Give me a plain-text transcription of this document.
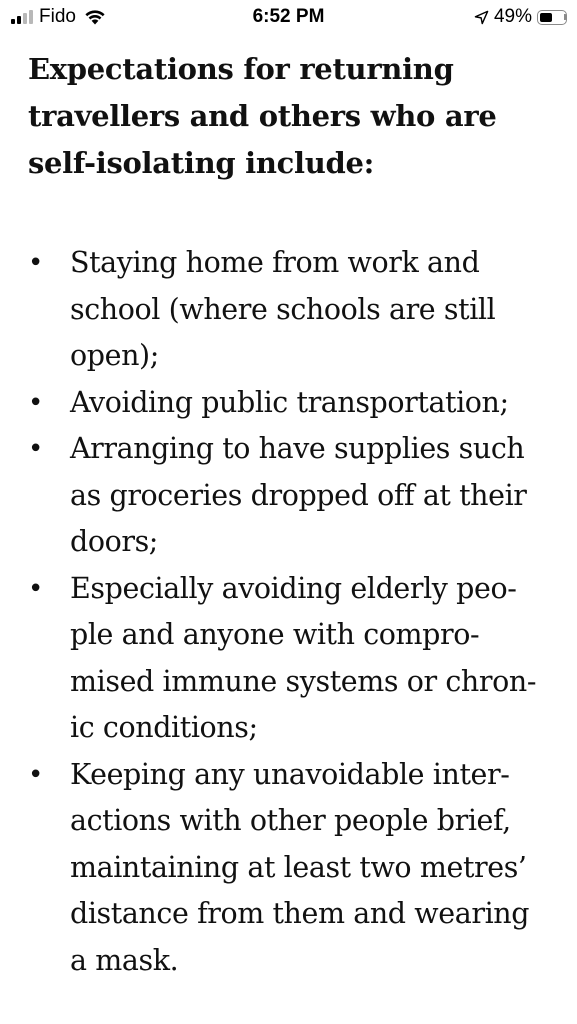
Fido	6:52 PM	49%
Expectations for returning travellers and others who are self-isolating include:
• Staying home from work and school (where schools are still open);
• Avoiding public transportation;
• Arranging to have supplies such as groceries dropped off at their doors;
• Especially avoiding elderly peo-ple and anyone with compro-mised immune systems or chron-ic conditions;
• Keeping any unavoidable inter-actions with other people brief, maintaining at least two metres’ distance from them and wearing a mask.
